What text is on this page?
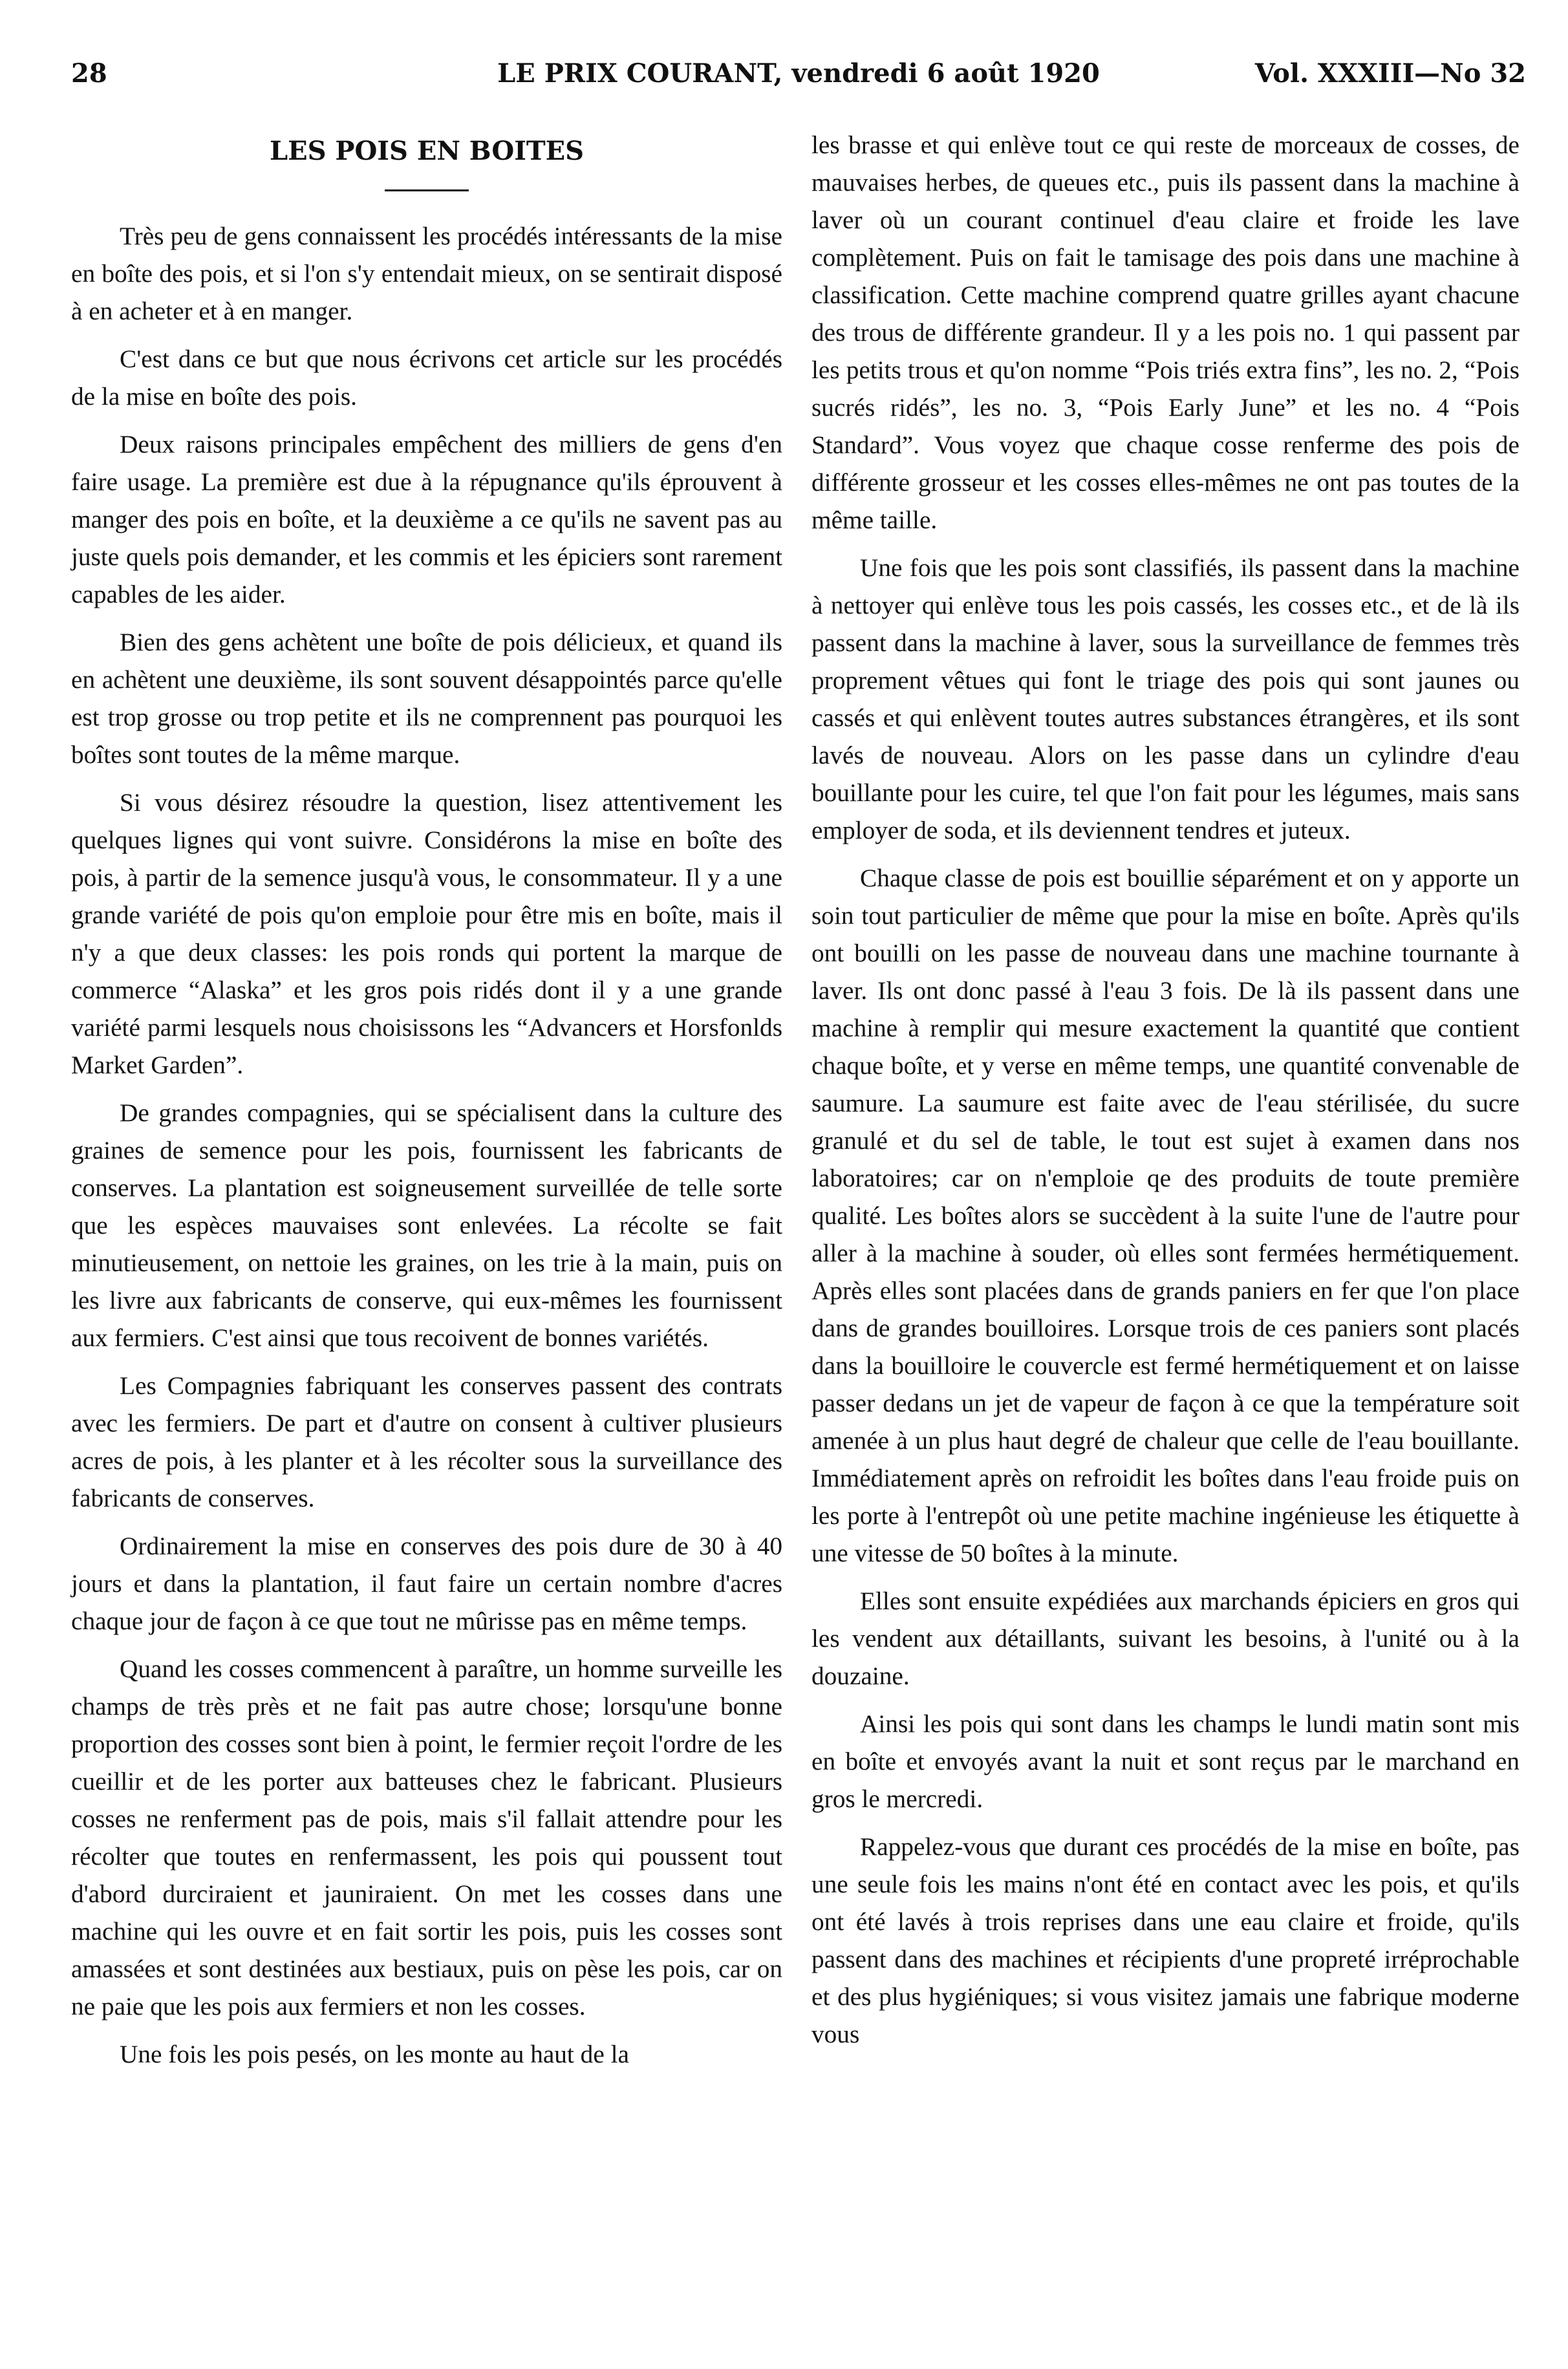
28	LE PRIX COURANT, vendredi 6 août 1920	Vol. XXXIII—No 32
LES POIS EN BOITES

Très peu de gens connaissent les procédés intéressants de la mise en boîte des pois, et si l'on s'y entendait mieux, on se sentirait disposé à en acheter et à en manger.

C'est dans ce but que nous écrivons cet article sur les procédés de la mise en boîte des pois.

Deux raisons principales empêchent des milliers de gens d'en faire usage. La première est due à la répugnance qu'ils éprouvent à manger des pois en boîte, et la deuxième a ce qu'ils ne savent pas au juste quels pois demander, et les commis et les épiciers sont rarement capables de les aider.

Bien des gens achètent une boîte de pois délicieux, et quand ils en achètent une deuxième, ils sont souvent désappointés parce qu'elle est trop grosse ou trop petite et ils ne comprennent pas pourquoi les boîtes sont toutes de la même marque.

Si vous désirez résoudre la question, lisez attentivement les quelques lignes qui vont suivre. Considérons la mise en boîte des pois, à partir de la semence jusqu'à vous, le consommateur. Il y a une grande variété de pois qu'on emploie pour être mis en boîte, mais il n'y a que deux classes: les pois ronds qui portent la marque de commerce “Alaska” et les gros pois ridés dont il y a une grande variété parmi lesquels nous choisissons les “Advancers et Horsfonlds Market Garden”.

De grandes compagnies, qui se spécialisent dans la culture des graines de semence pour les pois, fournissent les fabricants de conserves. La plantation est soigneusement surveillée de telle sorte que les espèces mauvaises sont enlevées. La récolte se fait minutieusement, on nettoie les graines, on les trie à la main, puis on les livre aux fabricants de conserve, qui eux-mêmes les fournissent aux fermiers. C'est ainsi que tous recoivent de bonnes variétés.

Les Compagnies fabriquant les conserves passent des contrats avec les fermiers. De part et d'autre on consent à cultiver plusieurs acres de pois, à les planter et à les récolter sous la surveillance des fabricants de conserves.

Ordinairement la mise en conserves des pois dure de 30 à 40 jours et dans la plantation, il faut faire un certain nombre d'acres chaque jour de façon à ce que tout ne mûrisse pas en même temps.

Quand les cosses commencent à paraître, un homme surveille les champs de très près et ne fait pas autre chose; lorsqu'une bonne proportion des cosses sont bien à point, le fermier reçoit l'ordre de les cueillir et de les porter aux batteuses chez le fabricant. Plusieurs cosses ne renferment pas de pois, mais s'il fallait attendre pour les récolter que toutes en renfermassent, les pois qui poussent tout d'abord durciraient et jauniraient. On met les cosses dans une machine qui les ouvre et en fait sortir les pois, puis les cosses sont amassées et sont destinées aux bestiaux, puis on pèse les pois, car on ne paie que les pois aux fermiers et non les cosses.

Une fois les pois pesés, on les monte au haut de la

les brasse et qui enlève tout ce qui reste de morceaux de cosses, de mauvaises herbes, de queues etc., puis ils passent dans la machine à laver où un courant continuel d'eau claire et froide les lave complètement. Puis on fait le tamisage des pois dans une machine à classification. Cette machine comprend quatre grilles ayant chacune des trous de différente grandeur. Il y a les pois no. 1 qui passent par les petits trous et qu'on nomme “Pois triés extra fins”, les no. 2, “Pois sucrés ridés”, les no. 3, “Pois Early June” et les no. 4 “Pois Standard”. Vous voyez que chaque cosse renferme des pois de différente grosseur et les cosses elles-mêmes ne ont pas toutes de la même taille.

Une fois que les pois sont classifiés, ils passent dans la machine à nettoyer qui enlève tous les pois cassés, les cosses etc., et de là ils passent dans la machine à laver, sous la surveillance de femmes très proprement vêtues qui font le triage des pois qui sont jaunes ou cassés et qui enlèvent toutes autres substances étrangères, et ils sont lavés de nouveau. Alors on les passe dans un cylindre d'eau bouillante pour les cuire, tel que l'on fait pour les légumes, mais sans employer de soda, et ils deviennent tendres et juteux.

Chaque classe de pois est bouillie séparément et on y apporte un soin tout particulier de même que pour la mise en boîte. Après qu'ils ont bouilli on les passe de nouveau dans une machine tournante à laver. Ils ont donc passé à l'eau 3 fois. De là ils passent dans une machine à remplir qui mesure exactement la quantité que contient chaque boîte, et y verse en même temps, une quantité convenable de saumure. La saumure est faite avec de l'eau stérilisée, du sucre granulé et du sel de table, le tout est sujet à examen dans nos laboratoires; car on n'emploie qe des produits de toute première qualité. Les boîtes alors se succèdent à la suite l'une de l'autre pour aller à la machine à souder, où elles sont fermées hermétiquement. Après elles sont placées dans de grands paniers en fer que l'on place dans de grandes bouilloires. Lorsque trois de ces paniers sont placés dans la bouilloire le couvercle est fermé hermétiquement et on laisse passer dedans un jet de vapeur de façon à ce que la température soit amenée à un plus haut degré de chaleur que celle de l'eau bouillante. Immédiatement après on refroidit les boîtes dans l'eau froide puis on les porte à l'entrepôt où une petite machine ingénieuse les étiquette à une vitesse de 50 boîtes à la minute.

Elles sont ensuite expédiées aux marchands épiciers en gros qui les vendent aux détaillants, suivant les besoins, à l'unité ou à la douzaine.

Ainsi les pois qui sont dans les champs le lundi matin sont mis en boîte et envoyés avant la nuit et sont reçus par le marchand en gros le mercredi.

Rappelez-vous que durant ces procédés de la mise en boîte, pas une seule fois les mains n'ont été en contact avec les pois, et qu'ils ont été lavés à trois reprises dans une eau claire et froide, qu'ils passent dans des machines et récipients d'une propreté irréprochable et des plus hygiéniques; si vous visitez jamais une fabrique moderne vous
